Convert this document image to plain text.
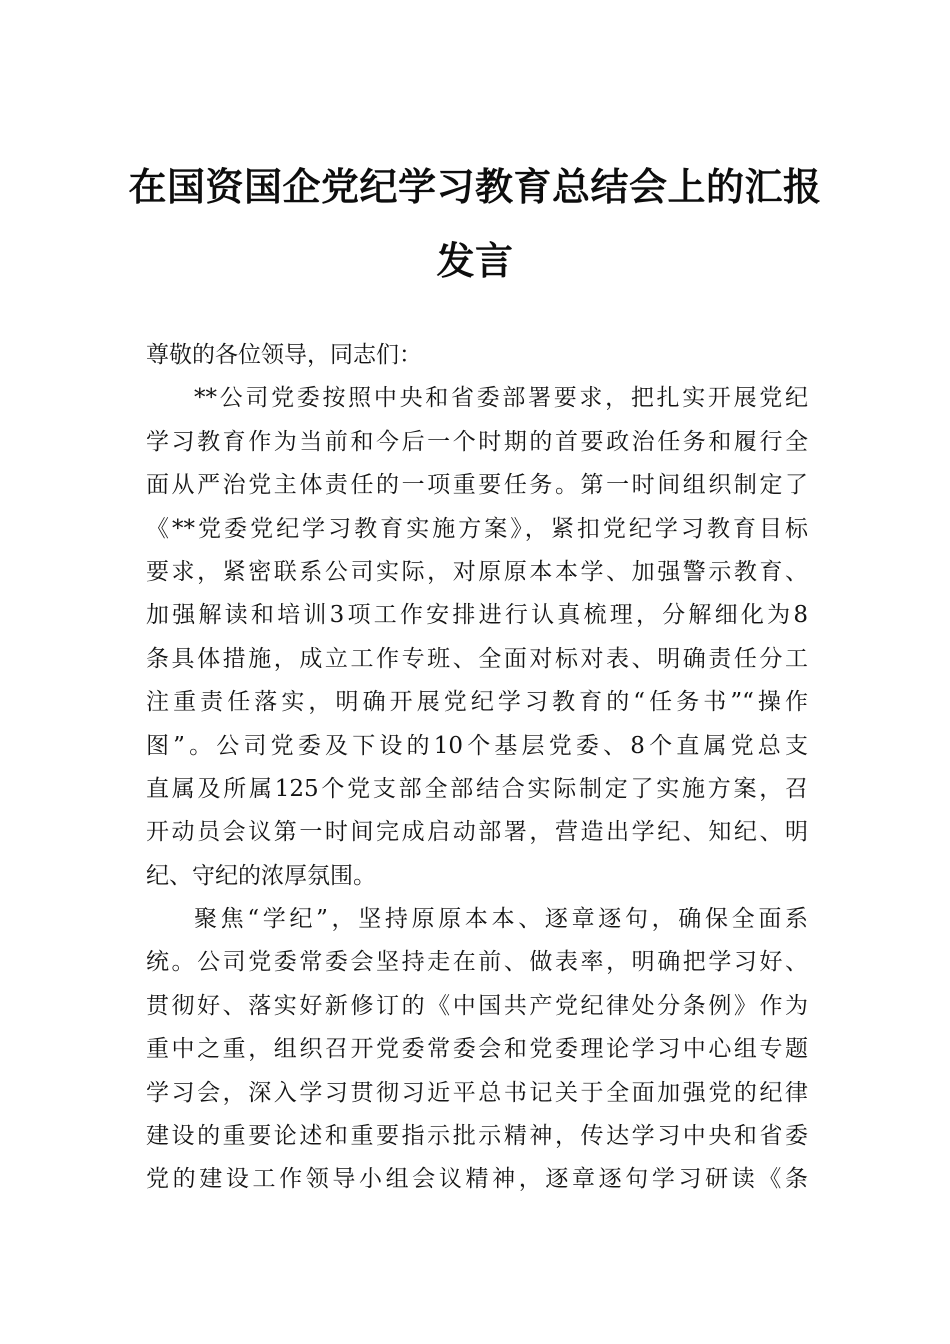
在国资国企党纪学习教育总结会上的汇报
发言
尊敬的各位领导，同志们：
**公司党委按照中央和省委部署要求，把扎实开展党纪
学习教育作为当前和今后一个时期的首要政治任务和履行全
面从严治党主体责任的一项重要任务。第一时间组织制定了
《**党委党纪学习教育实施方案》，紧扣党纪学习教育目标
要求，紧密联系公司实际，对原原本本学、加强警示教育、
加强解读和培训3项工作安排进行认真梳理，分解细化为8
条具体措施，成立工作专班、全面对标对表、明确责任分工
注重责任落实，明确开展党纪学习教育的“任务书”“操作
图”。公司党委及下设的10个基层党委、8个直属党总支
直属及所属125个党支部全部结合实际制定了实施方案，召
开动员会议第一时间完成启动部署，营造出学纪、知纪、明
纪、守纪的浓厚氛围。
聚焦“学纪”，坚持原原本本、逐章逐句，确保全面系
统。公司党委常委会坚持走在前、做表率，明确把学习好、
贯彻好、落实好新修订的《中国共产党纪律处分条例》作为
重中之重，组织召开党委常委会和党委理论学习中心组专题
学习会，深入学习贯彻习近平总书记关于全面加强党的纪律
建设的重要论述和重要指示批示精神，传达学习中央和省委
党的建设工作领导小组会议精神，逐章逐句学习研读《条
